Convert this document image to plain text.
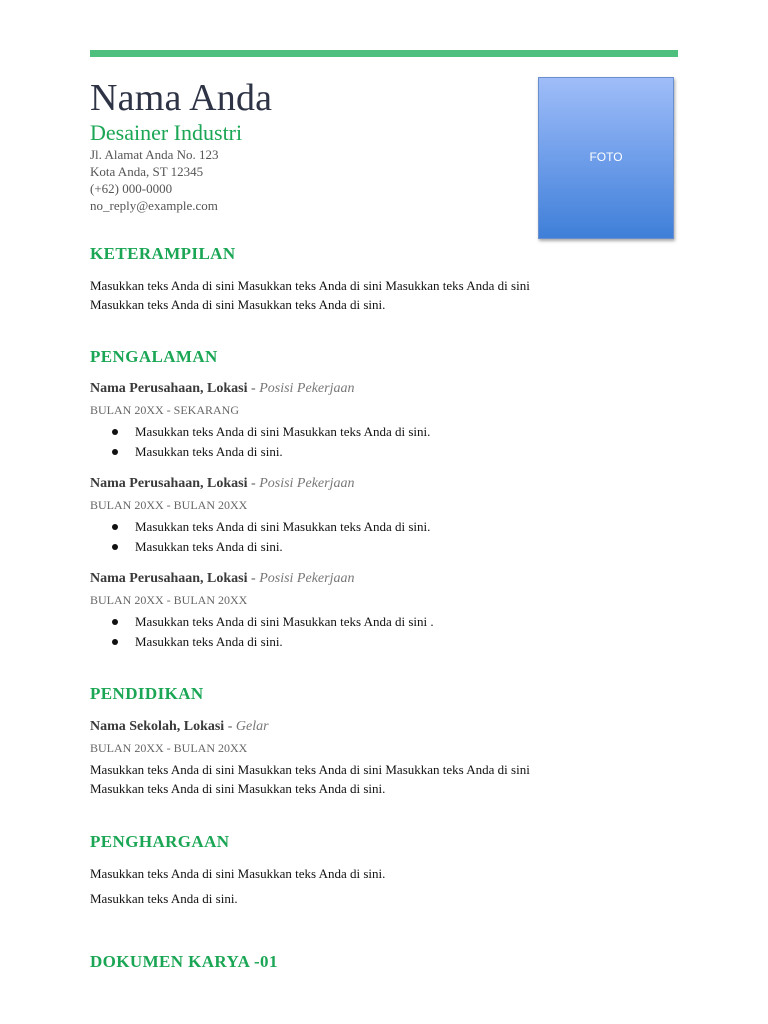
Nama Anda
Desainer Industri
Jl. Alamat Anda No. 123
Kota Anda, ST 12345
(+62) 000-0000
no_reply@example.com
FOTO
KETERAMPILAN
Masukkan teks Anda di sini Masukkan teks Anda di sini Masukkan teks Anda di sini Masukkan teks Anda di sini Masukkan teks Anda di sini.
PENGALAMAN
Nama Perusahaan, Lokasi - Posisi Pekerjaan
BULAN 20XX - SEKARANG
Masukkan teks Anda di sini Masukkan teks Anda di sini.
Masukkan teks Anda di sini.
Nama Perusahaan, Lokasi - Posisi Pekerjaan
BULAN 20XX - BULAN 20XX
Masukkan teks Anda di sini Masukkan teks Anda di sini.
Masukkan teks Anda di sini.
Nama Perusahaan, Lokasi - Posisi Pekerjaan
BULAN 20XX - BULAN 20XX
Masukkan teks Anda di sini Masukkan teks Anda di sini .
Masukkan teks Anda di sini.
PENDIDIKAN
Nama Sekolah, Lokasi - Gelar
BULAN 20XX - BULAN 20XX
Masukkan teks Anda di sini Masukkan teks Anda di sini Masukkan teks Anda di sini Masukkan teks Anda di sini Masukkan teks Anda di sini.
PENGHARGAAN
Masukkan teks Anda di sini Masukkan teks Anda di sini.
Masukkan teks Anda di sini.
DOKUMEN KARYA -01
